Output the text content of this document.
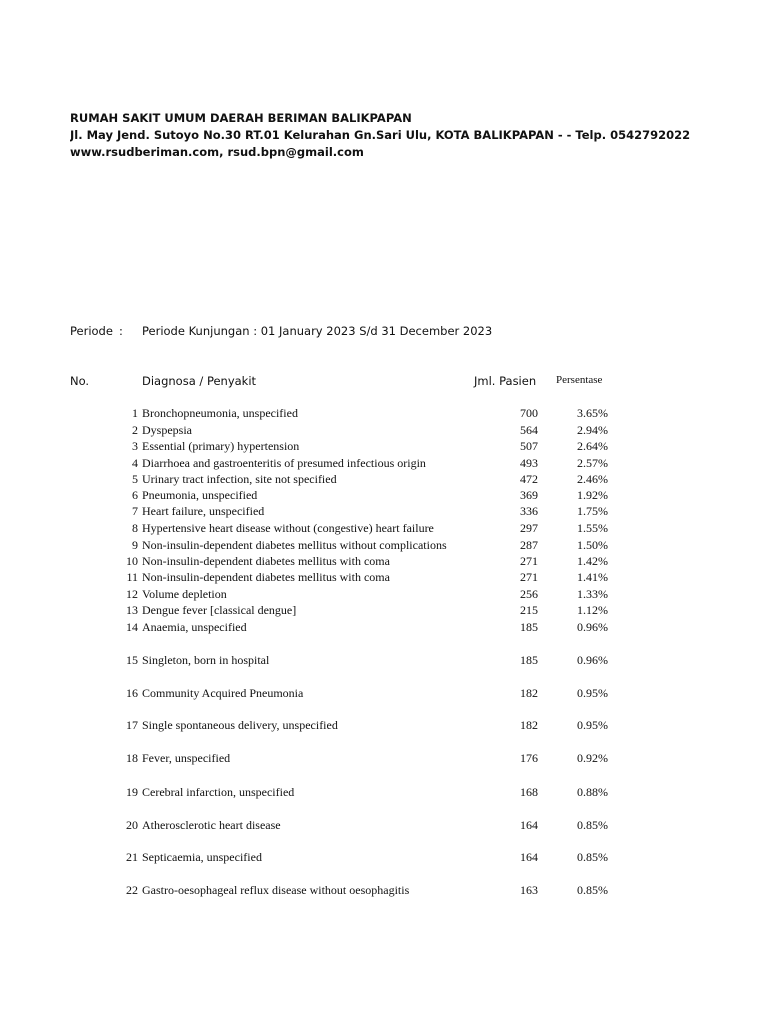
RUMAH SAKIT UMUM DAERAH BERIMAN BALIKPAPAN
Jl. May Jend. Sutoyo No.30 RT.01 Kelurahan Gn.Sari Ulu, KOTA BALIKPAPAN - - Telp. 0542792022
www.rsudberiman.com, rsud.bpn@gmail.com
Periode : Periode Kunjungan : 01 January 2023 S/d 31 December 2023
No.	Diagnosa / Penyakit	Jml. Pasien Persentase
1 Bronchopneumonia, unspecified	700	3.65%
2 Dyspepsia	564	2.94%
3 Essential (primary) hypertension	507	2.64%
4 Diarrhoea and gastroenteritis of presumed infectious origin	493	2.57%
5 Urinary tract infection, site not specified	472	2.46%
6 Pneumonia, unspecified	369	1.92%
7 Heart failure, unspecified	336	1.75%
8 Hypertensive heart disease without (congestive) heart failure	297	1.55%
9 Non-insulin-dependent diabetes mellitus without complications	287	1.50%
10 Non-insulin-dependent diabetes mellitus with coma	271	1.42%
11 Non-insulin-dependent diabetes mellitus with coma	271	1.41%
12 Volume depletion	256	1.33%
13 Dengue fever [classical dengue]	215	1.12%
14 Anaemia, unspecified	185	0.96%
15 Singleton, born in hospital	185	0.96%
16 Community Acquired Pneumonia	182	0.95%
17 Single spontaneous delivery, unspecified	182	0.95%
18 Fever, unspecified	176	0.92%
19 Cerebral infarction, unspecified	168	0.88%
20 Atherosclerotic heart disease	164	0.85%
21 Septicaemia, unspecified	164	0.85%
22 Gastro-oesophageal reflux disease without oesophagitis	163	0.85%
